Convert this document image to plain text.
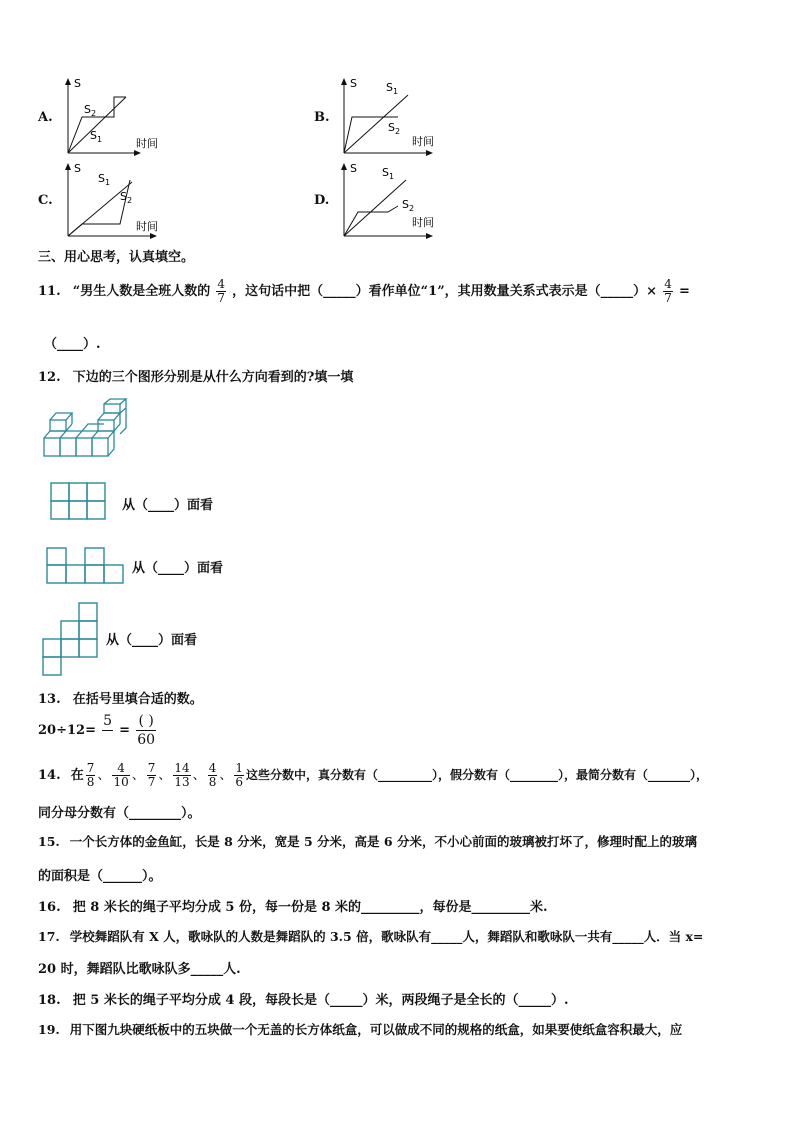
A.
S
时间
$S_2$
$S_1$
B.
S
时间
$S_1$
$S_2$
C.
S
时间
$S_1$
$S_2$	D.
S
时间
$S_1$
$S_2$
三、用心思考，认真填空。
11. “男生人数是全班人数的 $\frac{4}{7}$ ，这句话中把（_____）看作单位“1”，其用数量关系式表示是（_____）× $\frac{4}{7}$ =
（____）.
12. 下边的三个图形分别是从什么方向看到的?填一填
从（____）面看
从（____）面看
从（____）面看
13. 在括号里填合适的数。
20÷12=
5

= $\frac{( )}{60}$
14. 在 $\frac{7}{8}$ 、 $\frac{4}{10}$ 、 $\frac{7}{7}$ 、 $\frac{14}{13}$ 、 $\frac{4}{8}$ 、 $\frac{1}{6}$ 这些分数中，真分数有（_________），假分数有（________），最简分数有（_______），
同分母分数有（________）。
15. 一个长方体的金鱼缸，长是 8 分米，宽是 5 分米，高是 6 分米，不小心前面的玻璃被打坏了，修理时配上的玻璃
的面积是（______）。
16. 把 8 米长的绳子平均分成 5 份，每一份是 8 米的_________，每份是_________米.
17. 学校舞蹈队有 X 人，歌咏队的人数是舞蹈队的 3.5 倍，歌咏队有_____人，舞蹈队和歌咏队一共有_____人．当 x=
20 时，舞蹈队比歌咏队多_____人.
18. 把 5 米长的绳子平均分成 4 段，每段长是（_____）米，两段绳子是全长的（_____）.
19. 用下图九块硬纸板中的五块做一个无盖的长方体纸盒，可以做成不同的规格的纸盒，如果要使纸盒容积最大，应
